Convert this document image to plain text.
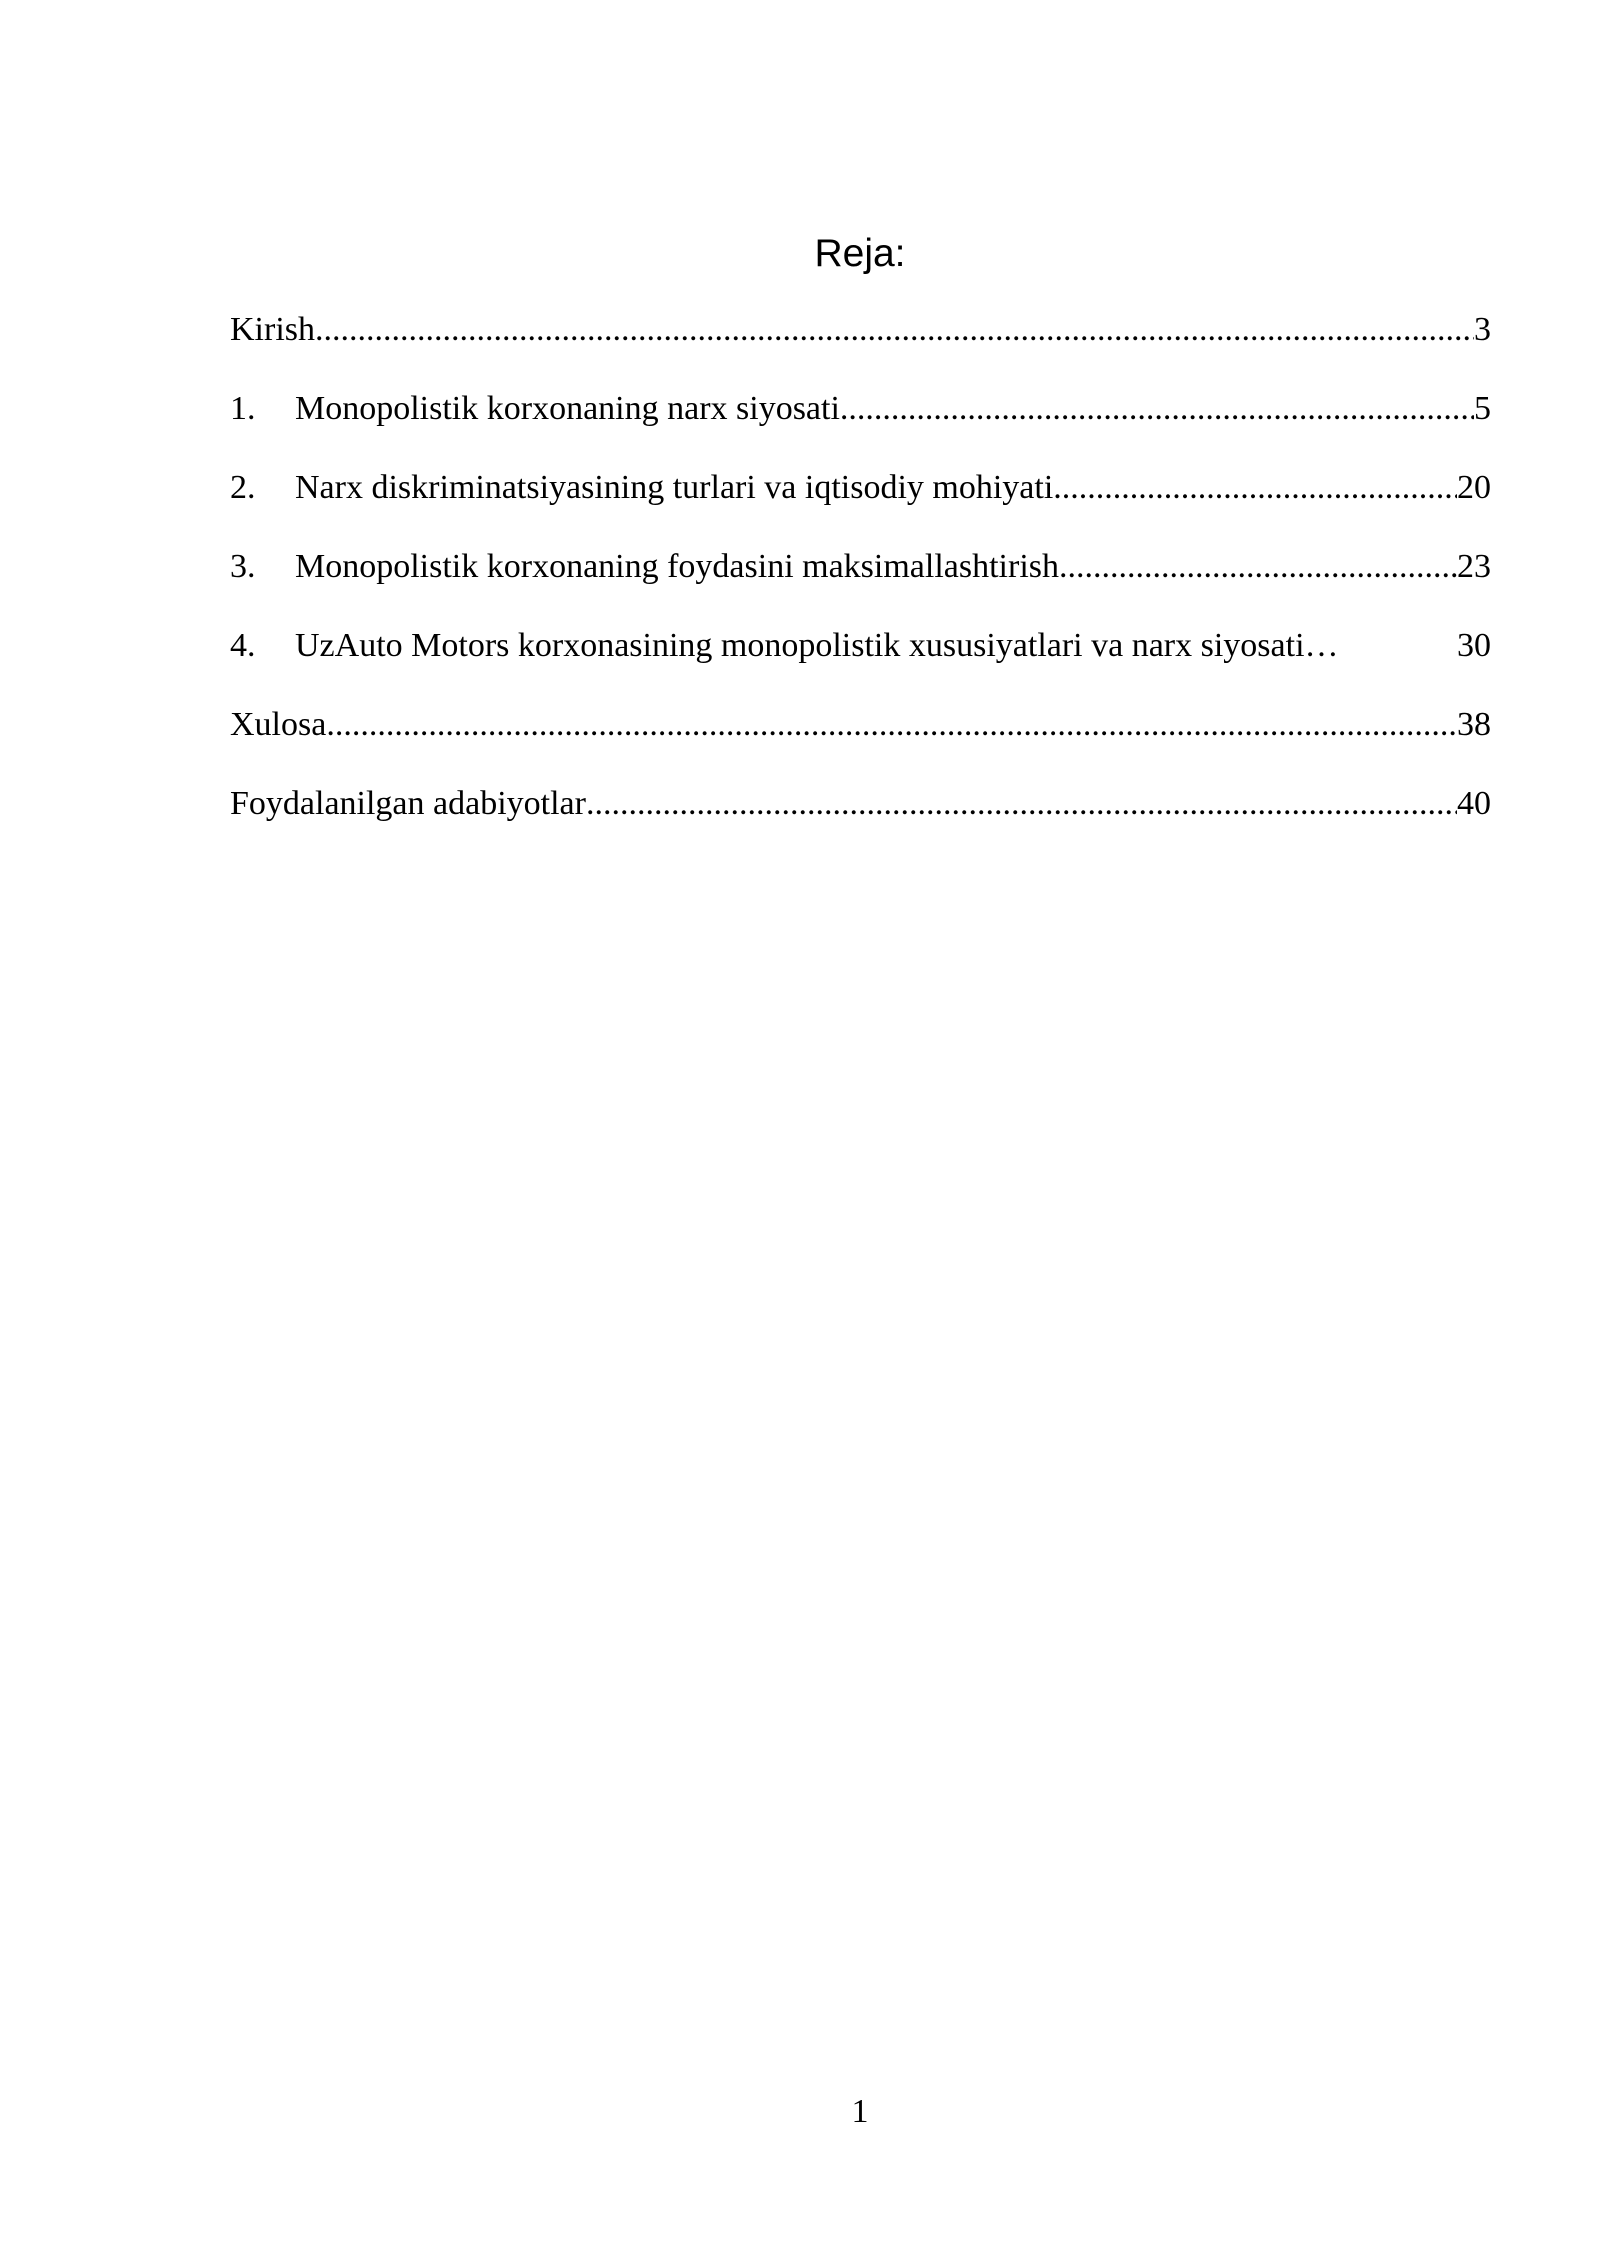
Reja:
Kirish .....	3
1.	Monopolistik korxonaning narx siyosati .....	5
2.	Narx diskriminatsiyasining turlari va iqtisodiy mohiyati .....	20
3.	Monopolistik korxonaning foydasini maksimallashtirish .....	23
4.	UzAuto Motors korxonasining monopolistik xususiyatlari va narx siyosati …	30
Xulosa .....	38
Foydalanilgan adabiyotlar .....	40
1
